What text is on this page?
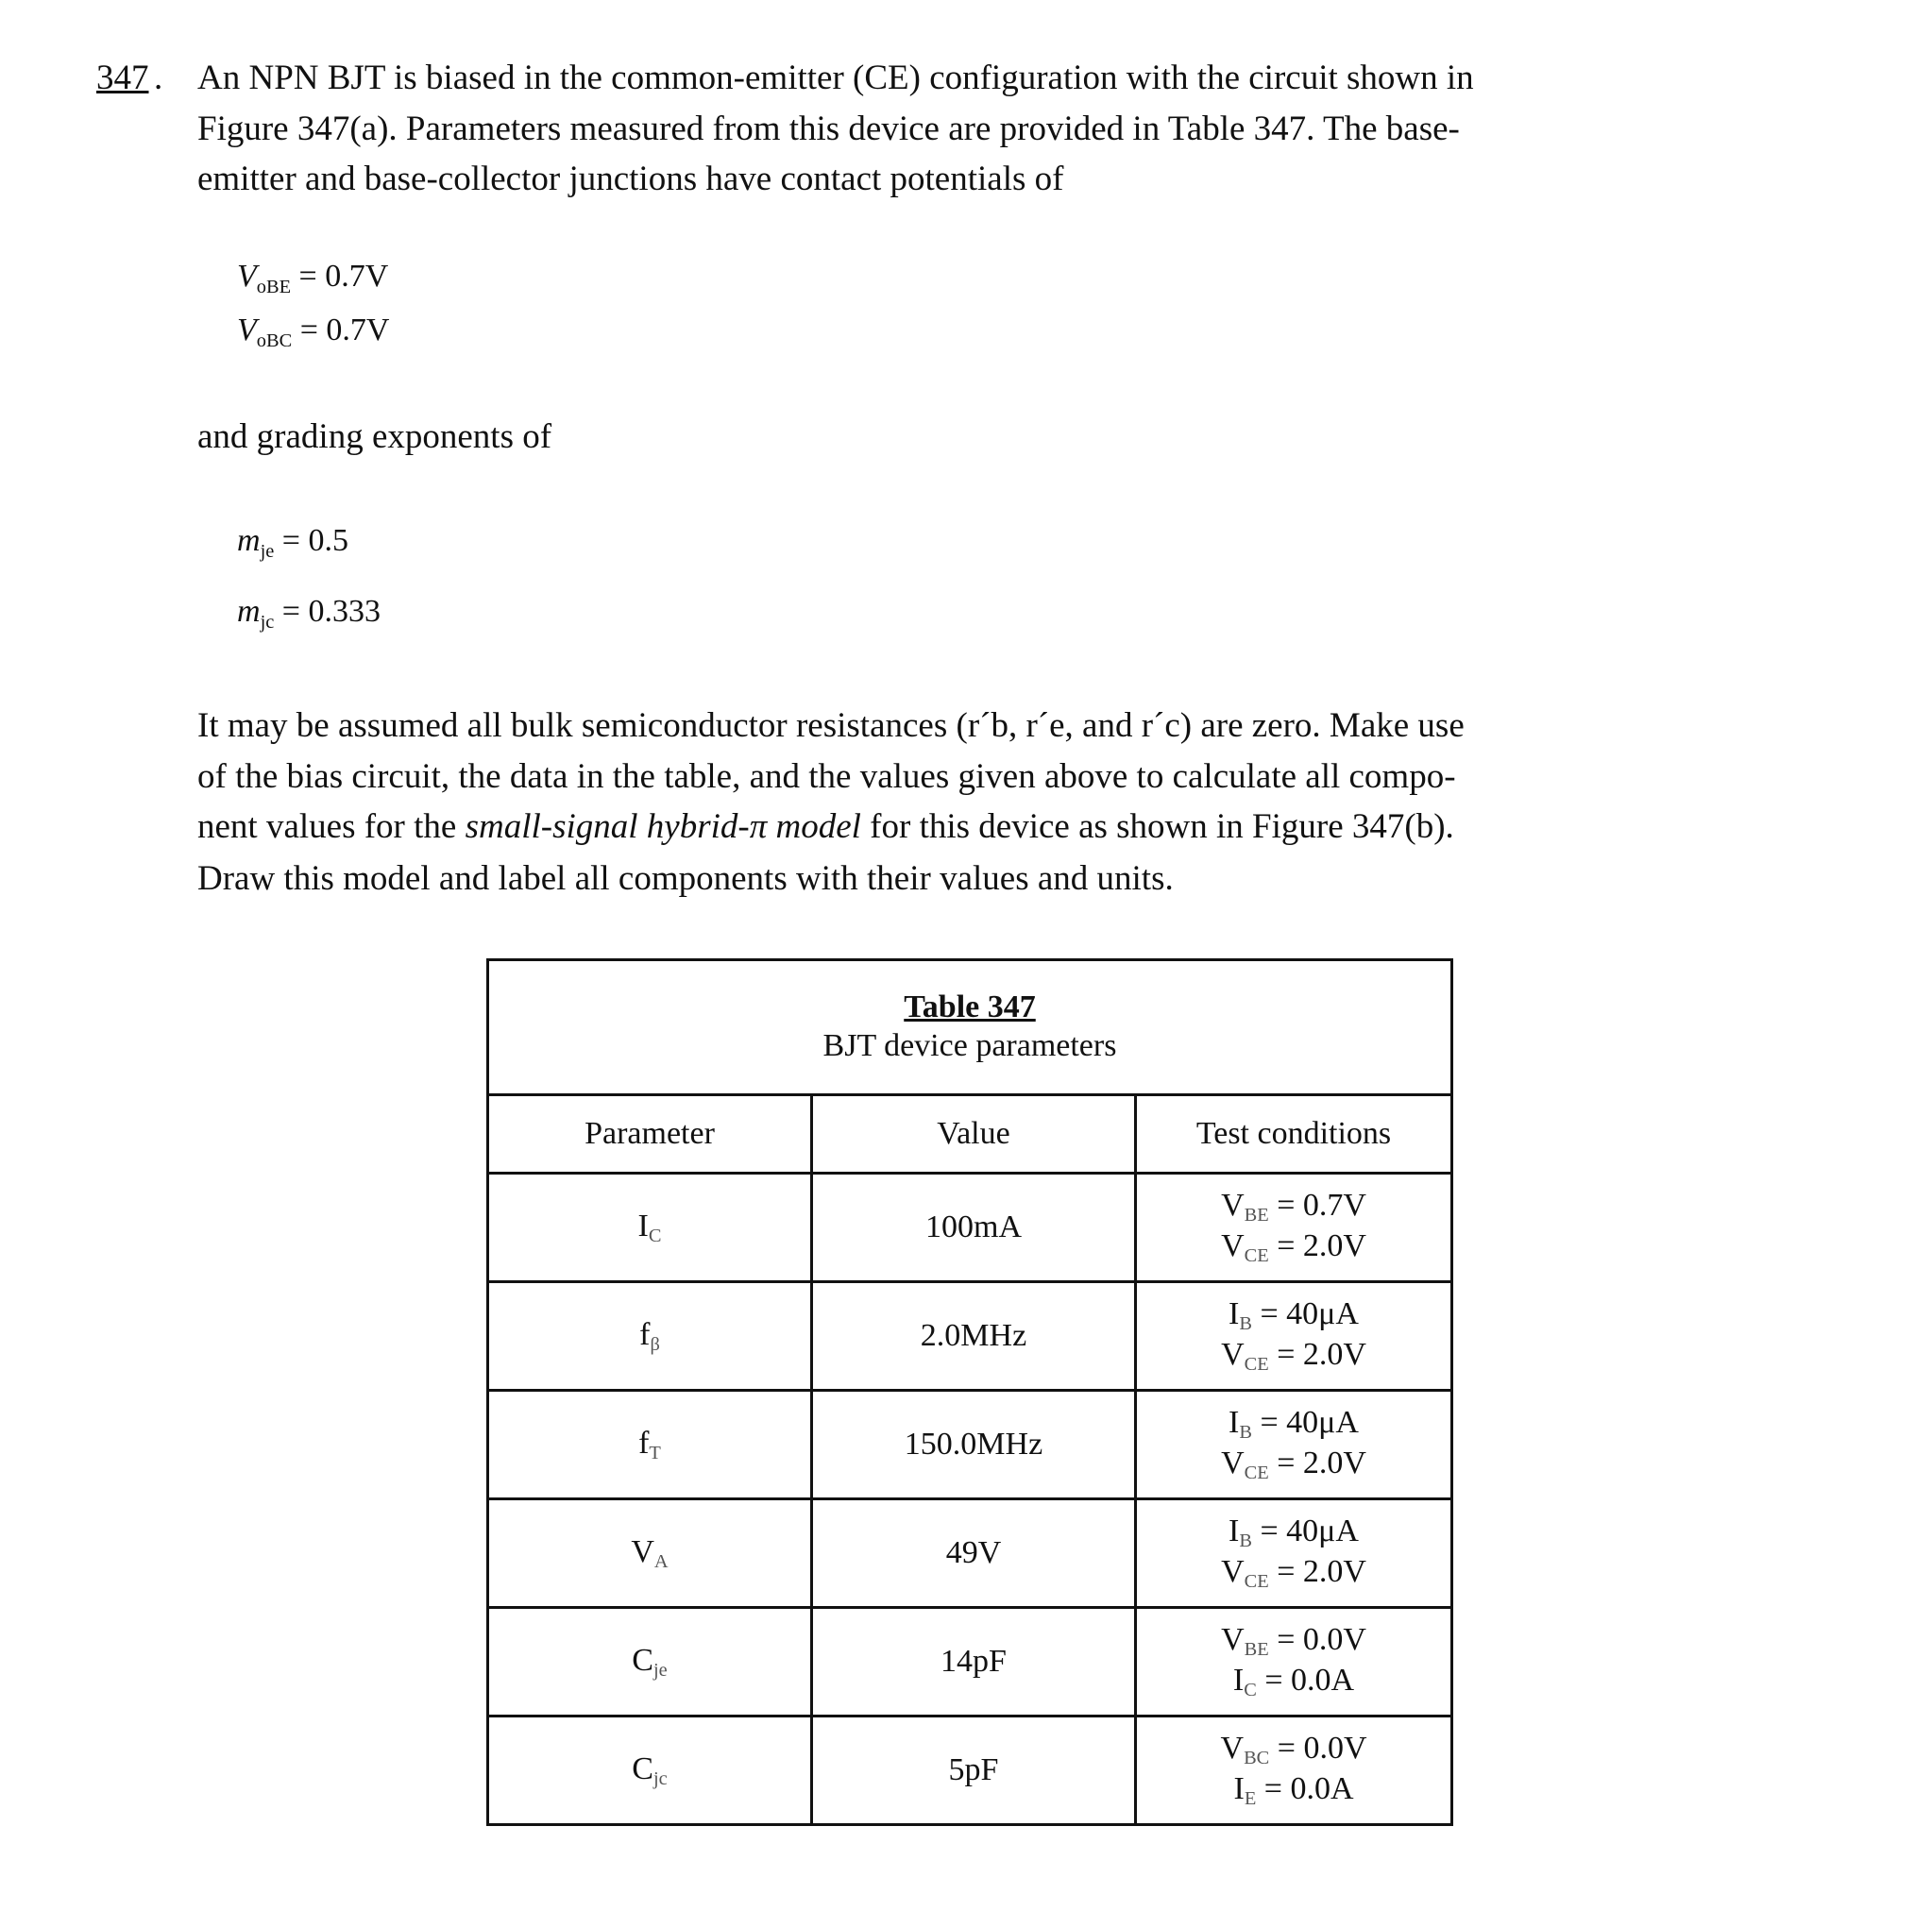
347 . An NPN BJT is biased in the common-emitter (CE) configuration with the circuit shown in
Figure 347(a). Parameters measured from this device are provided in Table 347. The base-
emitter and base-collector junctions have contact potentials of
$V_{oBE} = 0.7V$
$V_{oBC} = 0.7V$
and grading exponents of
$m_{je} = 0.5$
$m_{jc} = 0.333$
It may be assumed all bulk semiconductor resistances (r´b, r´e, and r´c) are zero. Make use
of the bias circuit, the data in the table, and the values given above to calculate all compo-
nent values for the small-signal hybrid-π model for this device as shown in Figure 347(b).
Draw this model and label all components with their values and units.
Table 347
BJT device parameters		
Parameter	Value	Test conditions
$I_C$	100mA	$V_{BE} = 0.7V$
$V_{CE} = 2.0V$

$f_\beta$	2.0MHz	$I_B = 40\mu A$
$V_{CE} = 2.0V$

$f_T$	150.0MHz	$I_B = 40\mu A$
$V_{CE} = 2.0V$

$V_A$	49V	$I_B = 40\mu A$
$V_{CE} = 2.0V$

$C_{je}$	14pF	$V_{BE} = 0.0V$
$I_C = 0.0A$

$C_{jc}$	5pF	$V_{BC} = 0.0V$
$I_E = 0.0A$
